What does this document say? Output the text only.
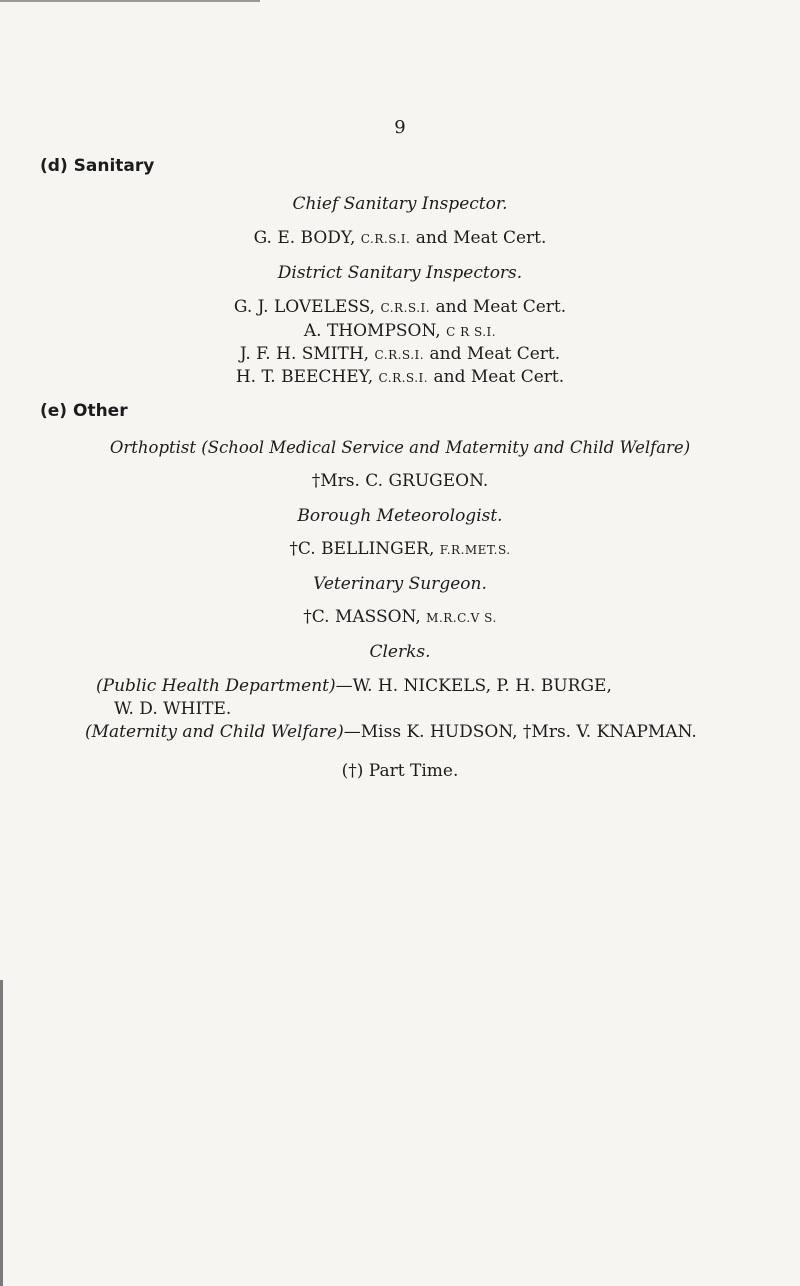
9
(d) Sanitary
Chief Sanitary Inspector.
G. E. BODY, C.R.S.I. and Meat Cert.
District Sanitary Inspectors.
G. J. LOVELESS, C.R.S.I. and Meat Cert.
A. THOMPSON, C R S.I.
J. F. H. SMITH, C.R.S.I. and Meat Cert.
H. T. BEECHEY, C.R.S.I. and Meat Cert.
(e) Other
Orthoptist (School Medical Service and Maternity and Child Welfare)
†Mrs. C. GRUGEON.
Borough Meteorologist.
†C. BELLINGER, F.R.MET.S.
Veterinary Surgeon.
†C. MASSON, M.R.C.V S.
Clerks.
(Public Health Department)—W. H. NICKELS, P. H. BURGE,
W. D. WHITE.
(Maternity and Child Welfare)—Miss K. HUDSON, †Mrs. V. KNAPMAN.
(†) Part Time.
